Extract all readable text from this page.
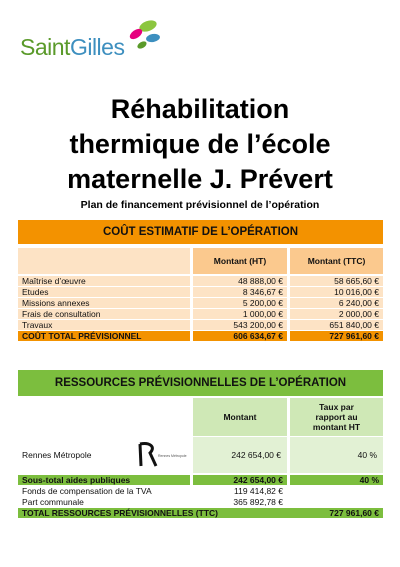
SaintGilles
Réhabilitation
thermique de l’école
maternelle J. Prévert
Plan de financement prévisionnel de l’opération
COÛT ESTIMATIF DE L’OPÉRATION
Montant (HT)	Montant (TTC)
Maîtrise d’œuvre		48 888,00 €		58 665,60 €
Etudes		8 346,67 €		10 016,00 €
Missions annexes		5 200,00 €		6 240,00 €
Frais de consultation		1 000,00 €		2 000,00 €
Travaux		543 200,00 €		651 840,00 €
COÛT TOTAL PRÉVISIONNEL		606 634,67 €		727 961,60 €
RESSOURCES PRÉVISIONNELLES DE L’OPÉRATION
Montant
Taux par
rapport au
montant HT
Rennes Métropole	Rennes Métropole	242 654,00 €	40 %
Sous-total aides publiques		242 654,00 €		40 %
Fonds de compensation de la TVA		119 414,82 €		
Part communale		365 892,78 €		
TOTAL RESSOURCES PRÉVISIONNELLES (TTC)				727 961,60 €
